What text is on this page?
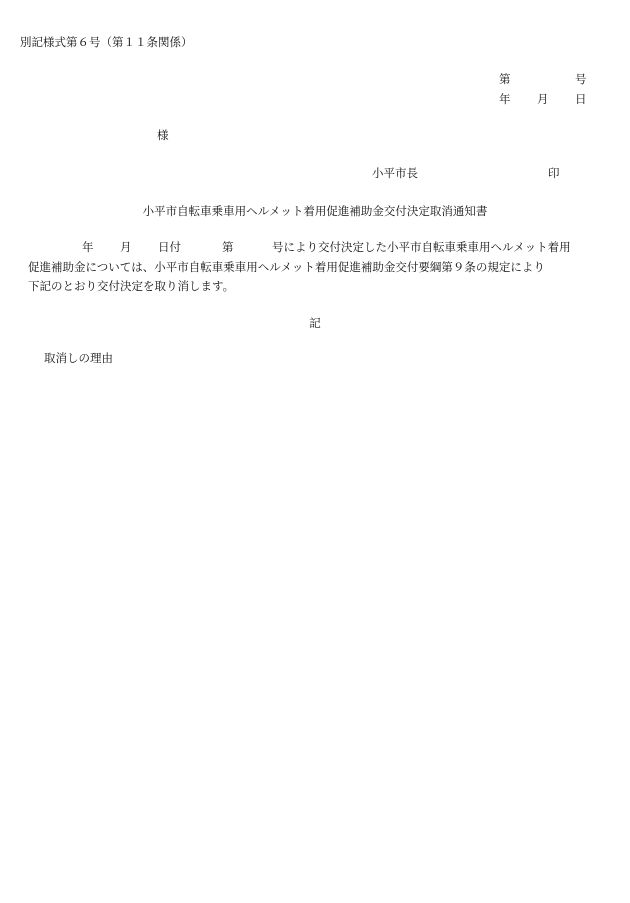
別記様式第６号（第１１条関係）
第	号
年 月 日
様
小平市長	印
小平市自転車乗車用ヘルメット着用促進補助金交付決定取消通知書
年 月 日付	第	号により交付決定した小平市自転車乗車用ヘルメット着用
促進補助金については、小平市自転車乗車用ヘルメット着用促進補助金交付要綱第９条の規定により
下記のとおり交付決定を取り消します。
記
取消しの理由
